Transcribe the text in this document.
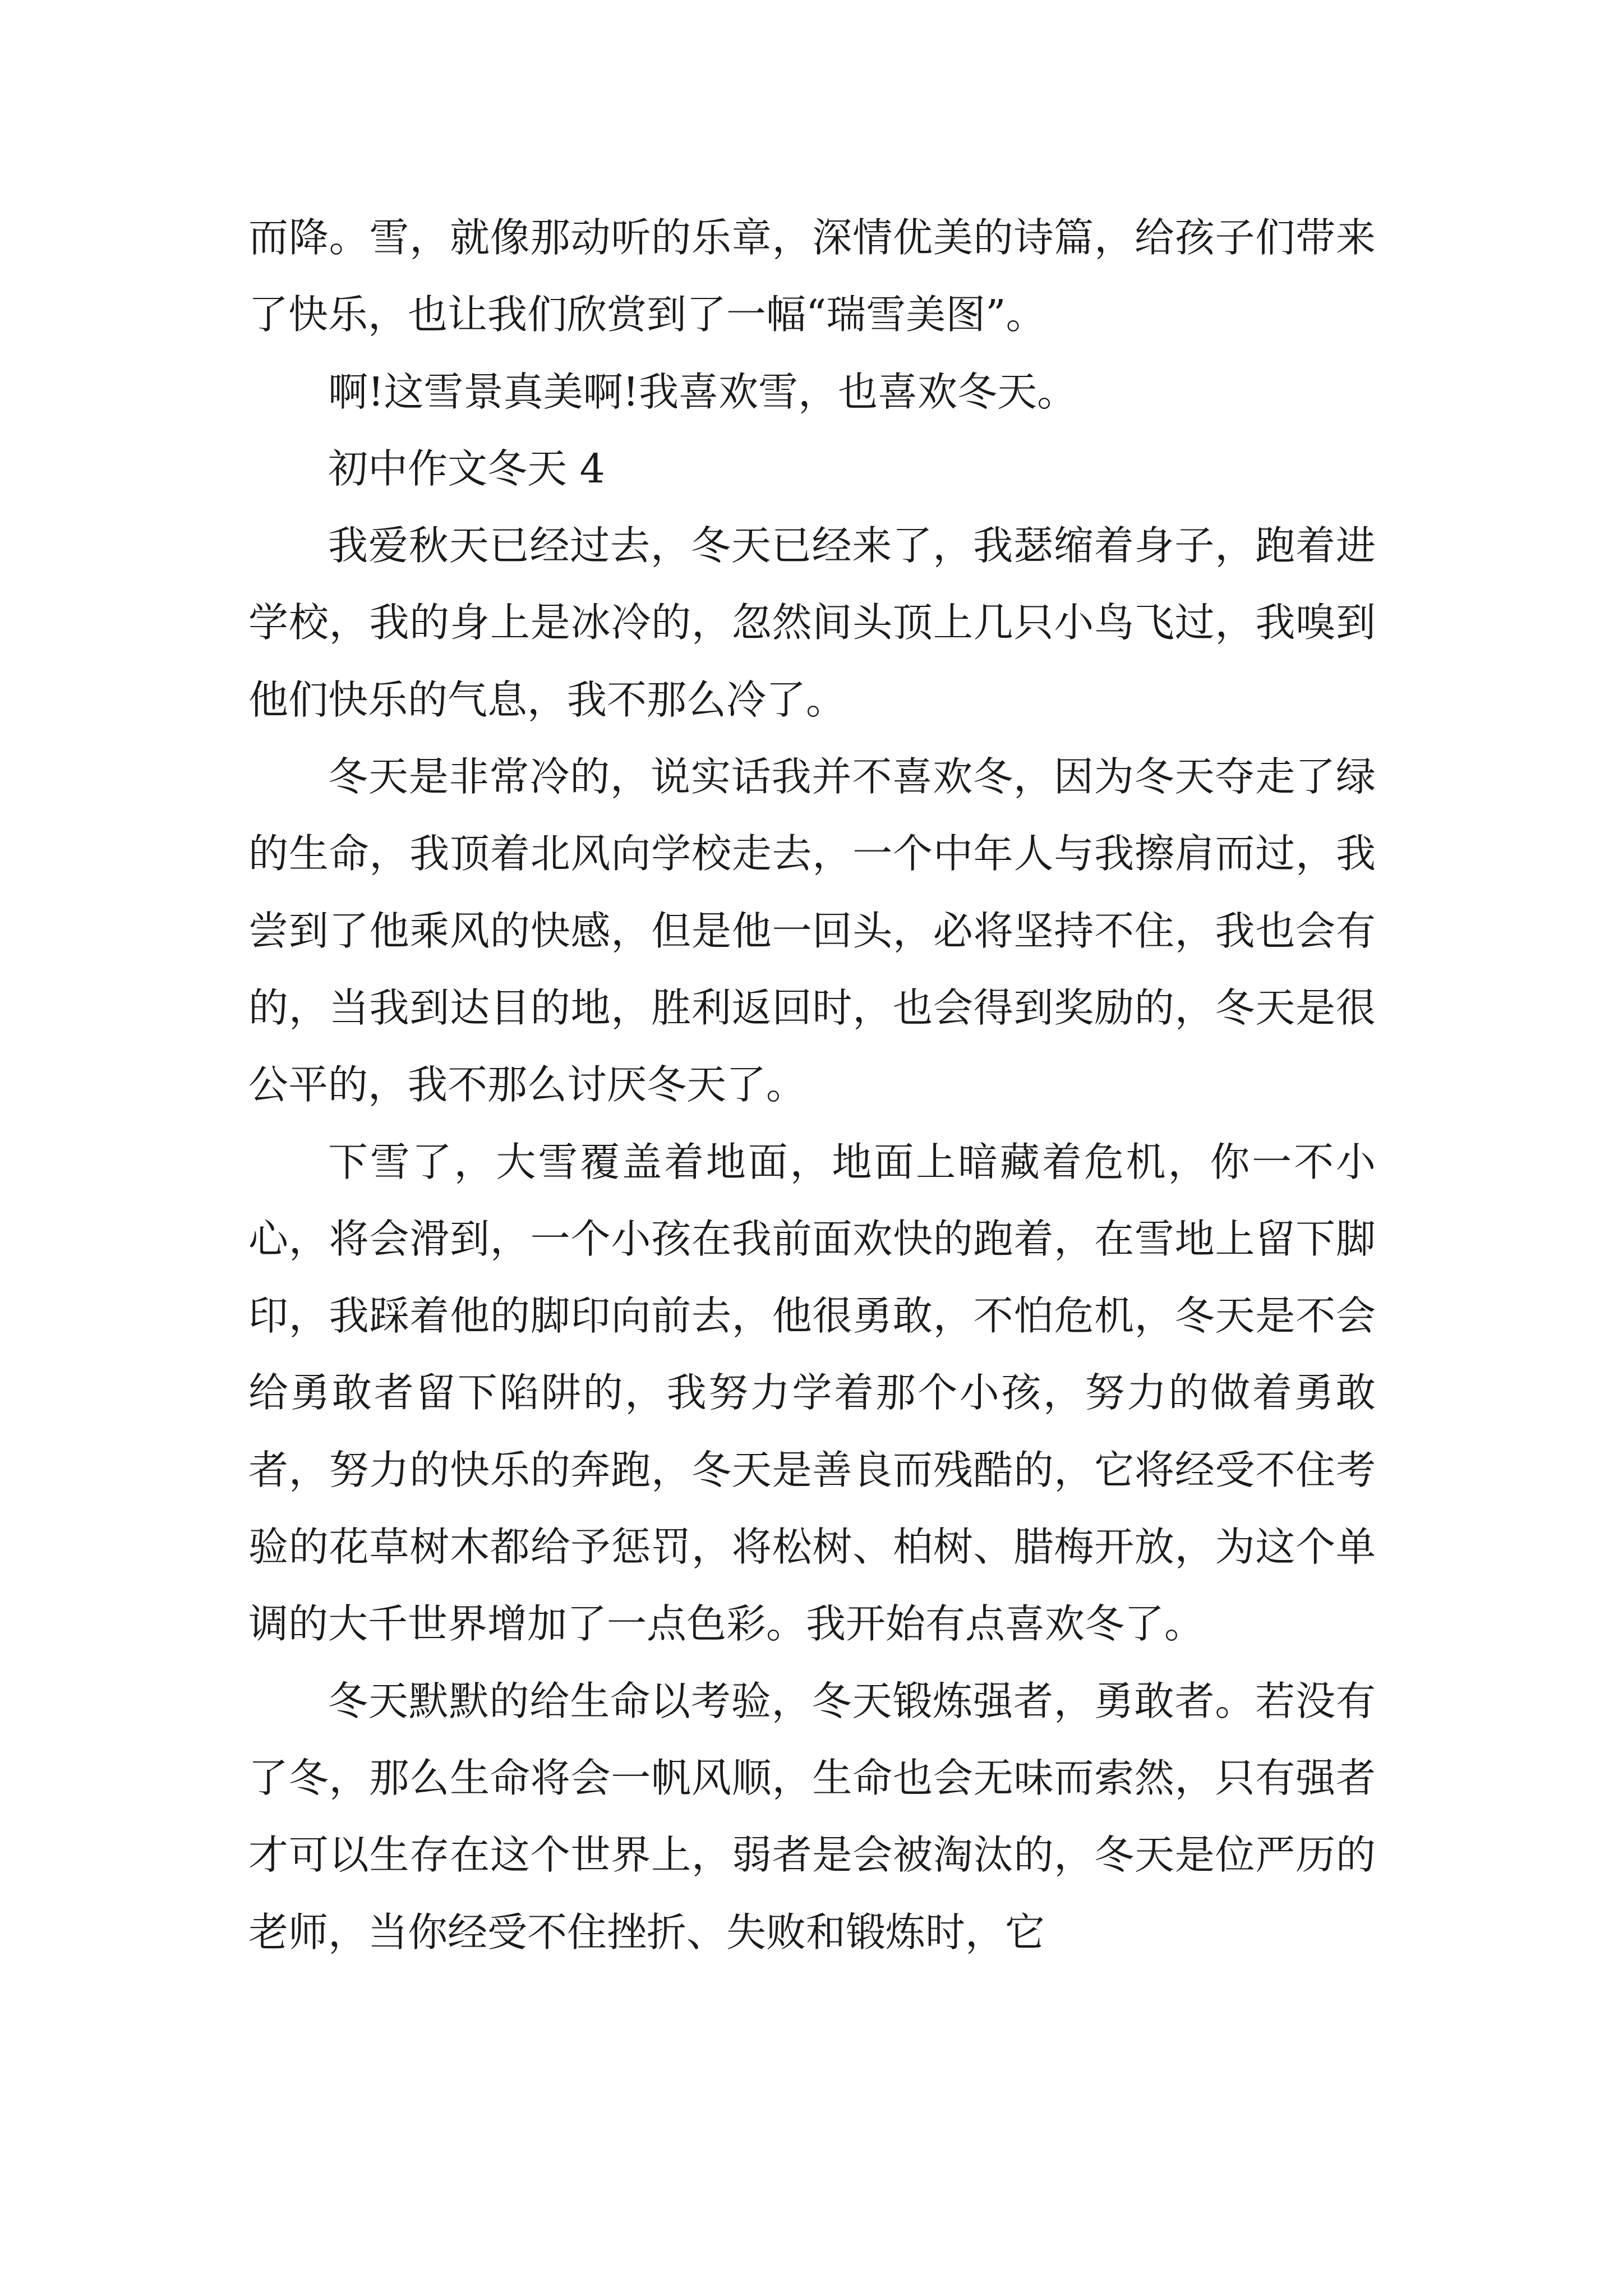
而降。雪，就像那动听的乐章，深情优美的诗篇，给孩子们带来了快乐，也让我们欣赏到了一幅“瑞雪美图”。

啊!这雪景真美啊!我喜欢雪，也喜欢冬天。

初中作文冬天 4

我爱秋天已经过去，冬天已经来了，我瑟缩着身子，跑着进学校，我的身上是冰冷的，忽然间头顶上几只小鸟飞过，我嗅到他们快乐的气息，我不那么冷了。

冬天是非常冷的，说实话我并不喜欢冬，因为冬天夺走了绿的生命，我顶着北风向学校走去，一个中年人与我擦肩而过，我尝到了他乘风的快感，但是他一回头，必将坚持不住，我也会有的，当我到达目的地，胜利返回时，也会得到奖励的，冬天是很公平的，我不那么讨厌冬天了。

下雪了，大雪覆盖着地面，地面上暗藏着危机，你一不小心，将会滑到，一个小孩在我前面欢快的跑着，在雪地上留下脚印，我踩着他的脚印向前去，他很勇敢，不怕危机，冬天是不会给勇敢者留下陷阱的，我努力学着那个小孩，努力的做着勇敢者，努力的快乐的奔跑，冬天是善良而残酷的，它将经受不住考验的花草树木都给予惩罚，将松树、柏树、腊梅开放，为这个单调的大千世界增加了一点色彩。我开始有点喜欢冬了。

冬天默默的给生命以考验，冬天锻炼强者，勇敢者。若没有了冬，那么生命将会一帆风顺，生命也会无味而索然，只有强者才可以生存在这个世界上，弱者是会被淘汰的，冬天是位严历的老师，当你经受不住挫折、失败和锻炼时，它
